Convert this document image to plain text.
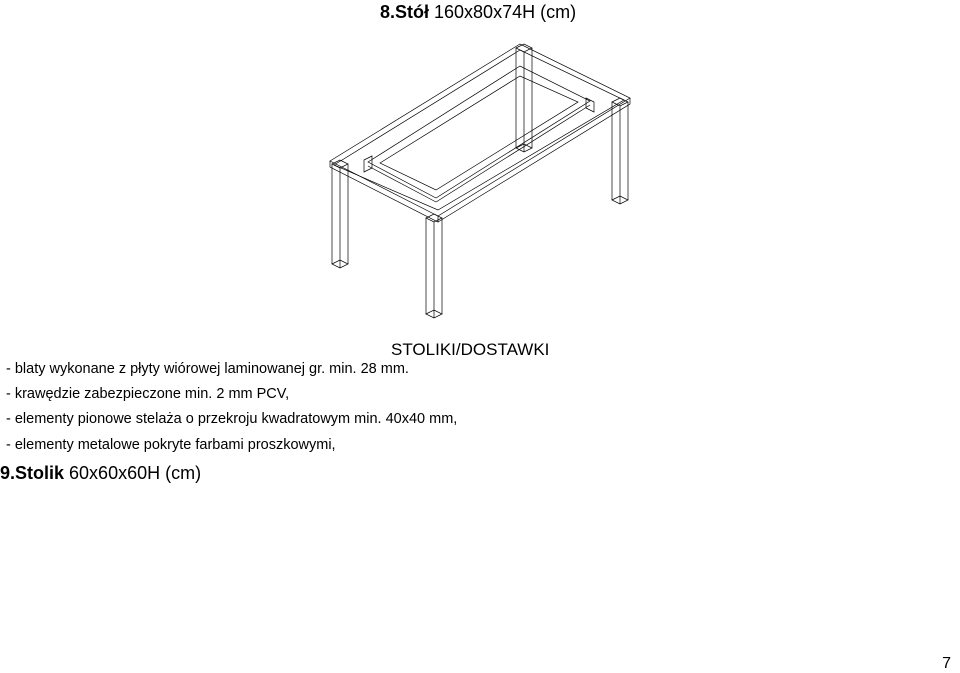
8.Stół 160x80x74H (cm)
STOLIKI/DOSTAWKI
- blaty wykonane z płyty wiórowej laminowanej gr. min. 28 mm.
- krawędzie zabezpieczone min. 2 mm PCV,
- elementy pionowe stelaża o przekroju kwadratowym min. 40x40 mm,
- elementy metalowe pokryte farbami proszkowymi,
9.Stolik 60x60x60H (cm)
7
